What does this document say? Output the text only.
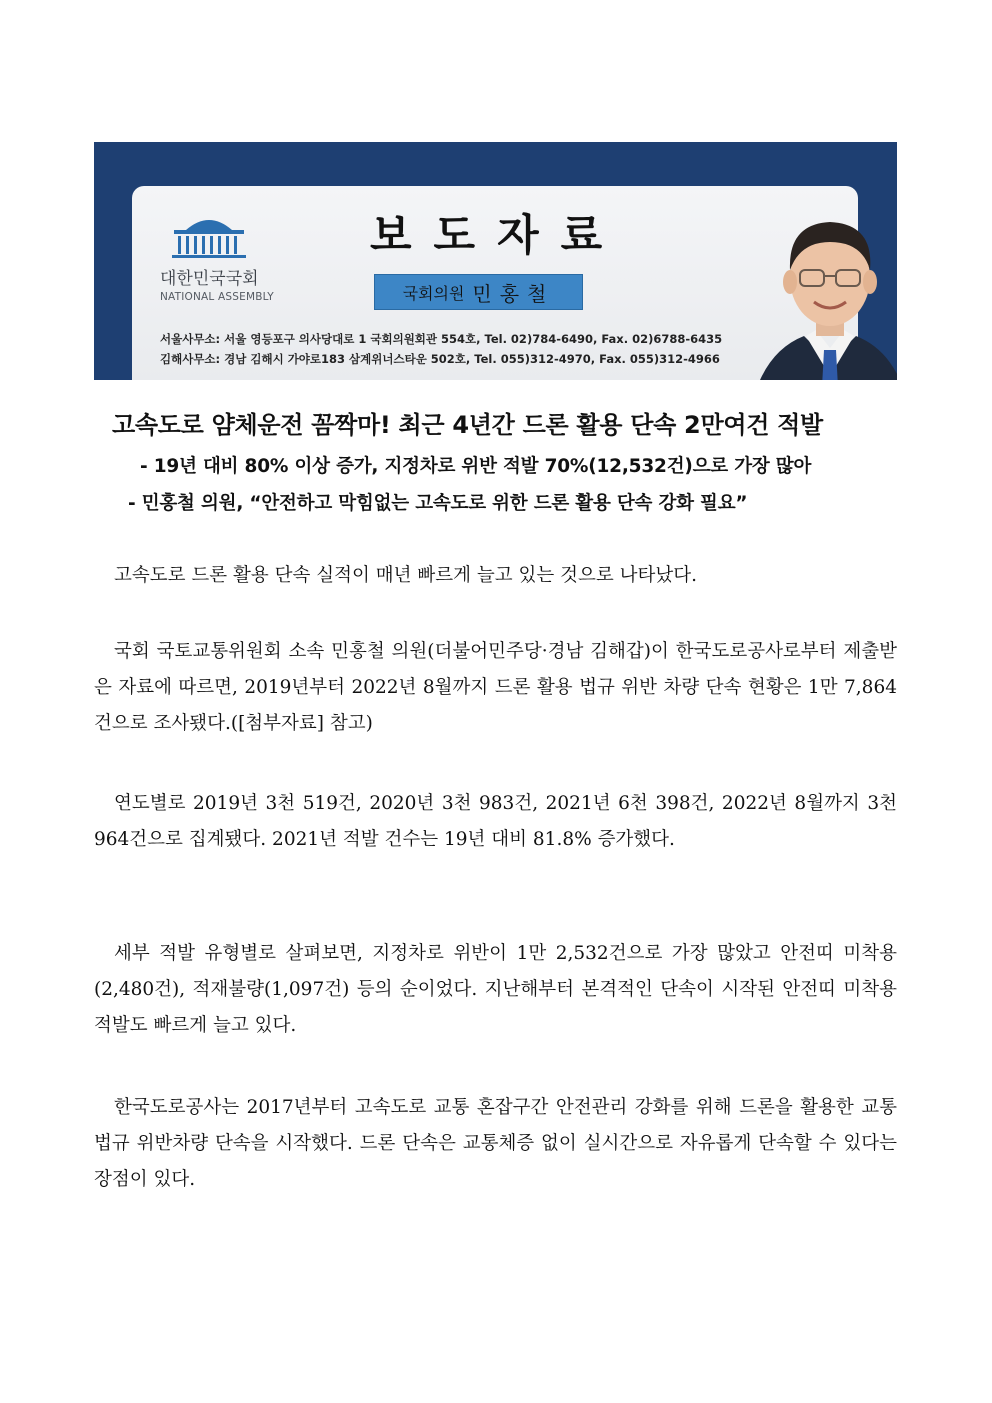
대한민국국회
NATIONAL ASSEMBLY
보도자료
국회의원 민홍철
서울사무소: 서울 영등포구 의사당대로 1 국회의원회관 554호, Tel. 02)784-6490, Fax. 02)6788-6435
김해사무소: 경남 김해시 가야로183 삼계위너스타운 502호, Tel. 055)312-4970, Fax. 055)312-4966
고속도로 얌체운전 꼼짝마! 최근 4년간 드론 활용 단속 2만여건 적발
- 19년 대비 80% 이상 증가, 지정차로 위반 적발 70%(12,532건)으로 가장 많아
- 민홍철 의원, “안전하고 막힘없는 고속도로 위한 드론 활용 단속 강화 필요”

고속도로 드론 활용 단속 실적이 매년 빠르게 늘고 있는 것으로 나타났다.

국회 국토교통위원회 소속 민홍철 의원(더불어민주당·경남 김해갑)이 한국도로공사로부터 제출받은 자료에 따르면, 2019년부터 2022년 8월까지 드론 활용 법규 위반 차량 단속 현황은 1만 7,864건으로 조사됐다.([첨부자료] 참고)

연도별로 2019년 3천 519건, 2020년 3천 983건, 2021년 6천 398건, 2022년 8월까지 3천 964건으로 집계됐다. 2021년 적발 건수는 19년 대비 81.8% 증가했다.

세부 적발 유형별로 살펴보면, 지정차로 위반이 1만 2,532건으로 가장 많았고 안전띠 미착용(2,480건), 적재불량(1,097건) 등의 순이었다. 지난해부터 본격적인 단속이 시작된 안전띠 미착용 적발도 빠르게 늘고 있다.

한국도로공사는 2017년부터 고속도로 교통 혼잡구간 안전관리 강화를 위해 드론을 활용한 교통법규 위반차량 단속을 시작했다. 드론 단속은 교통체증 없이 실시간으로 자유롭게 단속할 수 있다는 장점이 있다.
